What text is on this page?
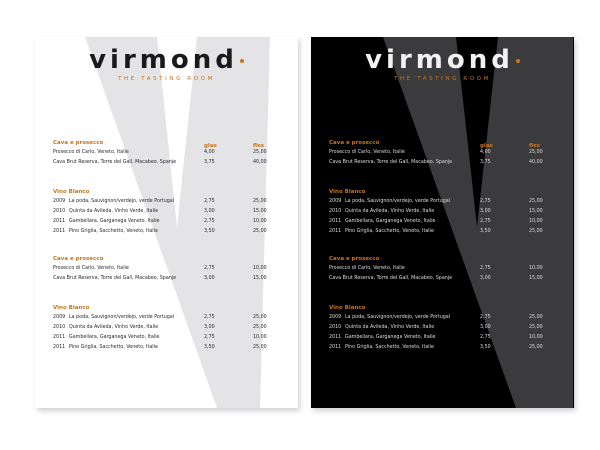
virmond
THE TASTING ROOM
glas	fles
Cava e prosecco
Prosecco di Carlo, Veneto, Italie	4,00	25,00
Cava Brut Reserva, Torre del Gall, Macabeo, Spanje	3,75	40,00
Vino Blanco
2009 La poda, Sauvignon/verdejo, verde Portugal	2,75	25,00
2010 Quinta da Avileda, Vinho Verde, Italie	3,00	15,00
2011 Gambellara, Garganega Veneto, Italie	2,75	10,00
2011 Pino Griglia, Sacchetto, Veneto, Italie	3,50	25,00
Cava e prosecco
Prosecco di Carlo, Veneto, Italie	2,75	10,00
Cava Brut Reserva, Torre del Gall, Macabeo, Spanje	3,00	15,00
Vino Blanco
2009 La poda, Sauvignon/verdejo, verde Portugal	2,75	25,00
2010 Quinta da Avileda, Vinho Verde, Italie	3,00	25,00
2011 Gambellara, Garganega Veneto, Italie	2,75	10,00
2011 Pino Griglia, Sacchetto, Veneto, Italie	3,50	25,00
virmond
THE TASTING ROOM
glas	fles
Cava e prosecco
Prosecco di Carlo, Veneto, Italie	4,00	25,00
Cava Brut Reserva, Torre del Gall, Macabeo, Spanje	3,75	40,00
Vino Blanco
2009 La poda, Sauvignon/verdejo, verde Portugal	2,75	25,00
2010 Quinta da Avileda, Vinho Verde, Italie	3,00	15,00
2011 Gambellara, Garganega Veneto, Italie	2,75	10,00
2011 Pino Griglia, Sacchetto, Veneto, Italie	3,50	25,00
Cava e prosecco
Prosecco di Carlo, Veneto, Italie	2,75	10,00
Cava Brut Reserva, Torre del Gall, Macabeo, Spanje	3,00	15,00
Vino Blanco
2009 La poda, Sauvignon/verdejo, verde Portugal	2,75	25,00
2010 Quinta da Avileda, Vinho Verde, Italie	3,00	25,00
2011 Gambellara, Garganega Veneto, Italie	2,75	10,00
2011 Pino Griglia, Sacchetto, Veneto, Italie	3,50	25,00
